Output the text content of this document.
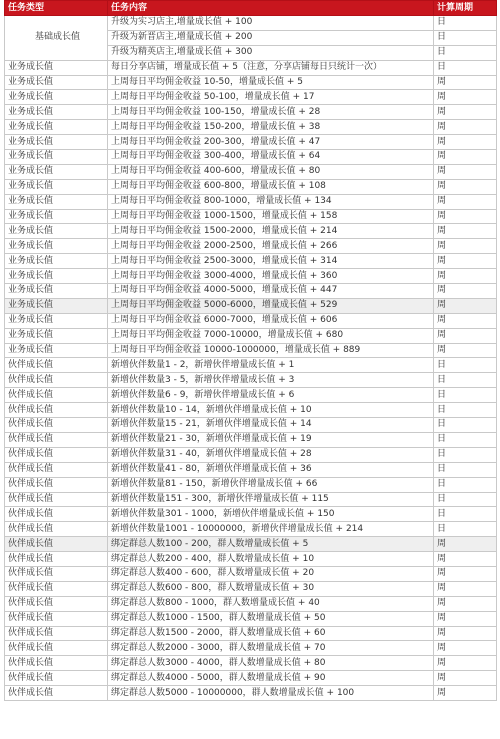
任务类型	任务内容	计算周期
基础成长值	升级为实习店主,增量成长值 + 100	日
	升级为新晋店主,增量成长值 + 200	日
	升级为精英店主,增量成长值 + 300	日
业务成长值	每日分享店铺，增量成长值 + 5（注意，分享店铺每日只统计一次）	日
业务成长值	上周每日平均佣金收益 10-50，增量成长值 + 5	周
业务成长值	上周每日平均佣金收益 50-100，增量成长值 + 17	周
业务成长值	上周每日平均佣金收益 100-150，增量成长值 + 28	周
业务成长值	上周每日平均佣金收益 150-200，增量成长值 + 38	周
业务成长值	上周每日平均佣金收益 200-300，增量成长值 + 47	周
业务成长值	上周每日平均佣金收益 300-400，增量成长值 + 64	周
业务成长值	上周每日平均佣金收益 400-600，增量成长值 + 80	周
业务成长值	上周每日平均佣金收益 600-800，增量成长值 + 108	周
业务成长值	上周每日平均佣金收益 800-1000，增量成长值 + 134	周
业务成长值	上周每日平均佣金收益 1000-1500，增量成长值 + 158	周
业务成长值	上周每日平均佣金收益 1500-2000，增量成长值 + 214	周
业务成长值	上周每日平均佣金收益 2000-2500，增量成长值 + 266	周
业务成长值	上周每日平均佣金收益 2500-3000，增量成长值 + 314	周
业务成长值	上周每日平均佣金收益 3000-4000，增量成长值 + 360	周
业务成长值	上周每日平均佣金收益 4000-5000，增量成长值 + 447	周
业务成长值	上周每日平均佣金收益 5000-6000，增量成长值 + 529	周
业务成长值	上周每日平均佣金收益 6000-7000，增量成长值 + 606	周
业务成长值	上周每日平均佣金收益 7000-10000，增量成长值 + 680	周
业务成长值	上周每日平均佣金收益 10000-1000000，增量成长值 + 889	周
伙伴成长值	新增伙伴数量1 - 2，新增伙伴增量成长值 + 1	日
伙伴成长值	新增伙伴数量3 - 5，新增伙伴增量成长值 + 3	日
伙伴成长值	新增伙伴数量6 - 9，新增伙伴增量成长值 + 6	日
伙伴成长值	新增伙伴数量10 - 14，新增伙伴增量成长值 + 10	日
伙伴成长值	新增伙伴数量15 - 21，新增伙伴增量成长值 + 14	日
伙伴成长值	新增伙伴数量21 - 30，新增伙伴增量成长值 + 19	日
伙伴成长值	新增伙伴数量31 - 40，新增伙伴增量成长值 + 28	日
伙伴成长值	新增伙伴数量41 - 80，新增伙伴增量成长值 + 36	日
伙伴成长值	新增伙伴数量81 - 150，新增伙伴增量成长值 + 66	日
伙伴成长值	新增伙伴数量151 - 300，新增伙伴增量成长值 + 115	日
伙伴成长值	新增伙伴数量301 - 1000，新增伙伴增量成长值 + 150	日
伙伴成长值	新增伙伴数量1001 - 10000000，新增伙伴增量成长值 + 214	日
伙伴成长值	绑定群总人数100 - 200，群人数增量成长值 + 5	周
伙伴成长值	绑定群总人数200 - 400，群人数增量成长值 + 10	周
伙伴成长值	绑定群总人数400 - 600，群人数增量成长值 + 20	周
伙伴成长值	绑定群总人数600 - 800，群人数增量成长值 + 30	周
伙伴成长值	绑定群总人数800 - 1000，群人数增量成长值 + 40	周
伙伴成长值	绑定群总人数1000 - 1500，群人数增量成长值 + 50	周
伙伴成长值	绑定群总人数1500 - 2000，群人数增量成长值 + 60	周
伙伴成长值	绑定群总人数2000 - 3000，群人数增量成长值 + 70	周
伙伴成长值	绑定群总人数3000 - 4000，群人数增量成长值 + 80	周
伙伴成长值	绑定群总人数4000 - 5000，群人数增量成长值 + 90	周
伙伴成长值	绑定群总人数5000 - 10000000，群人数增量成长值 + 100	周
